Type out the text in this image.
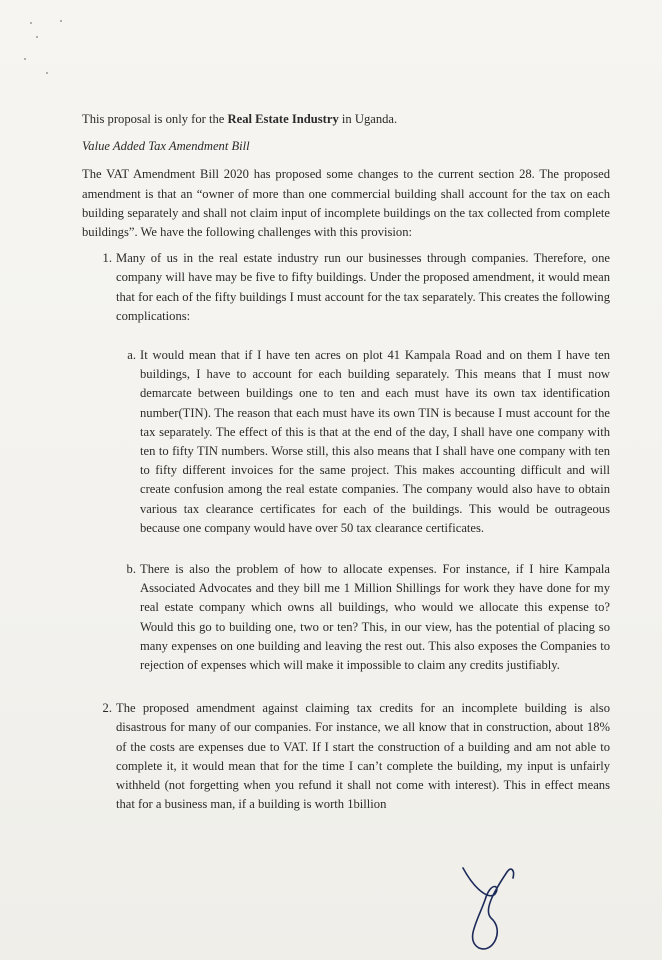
This proposal is only for the Real Estate Industry in Uganda.

Value Added Tax Amendment Bill

The VAT Amendment Bill 2020 has proposed some changes to the current section 28. The proposed amendment is that an “owner of more than one commercial building shall account for the tax on each building separately and shall not claim input of incomplete buildings on the tax collected from complete buildings”. We have the following challenges with this provision:

1. Many of us in the real estate industry run our businesses through companies. Therefore, one company will have may be five to fifty buildings. Under the proposed amendment, it would mean that for each of the fifty buildings I must account for the tax separately. This creates the following complications:
a. It would mean that if I have ten acres on plot 41 Kampala Road and on them I have ten buildings, I have to account for each building separately. This means that I must now demarcate between buildings one to ten and each must have its own tax identification number(TIN). The reason that each must have its own TIN is because I must account for the tax separately. The effect of this is that at the end of the day, I shall have one company with ten to fifty TIN numbers. Worse still, this also means that I shall have one company with ten to fifty different invoices for the same project. This makes accounting difficult and will create confusion among the real estate companies. The company would also have to obtain various tax clearance certificates for each of the buildings. This would be outrageous because one company would have over 50 tax clearance certificates.
b. There is also the problem of how to allocate expenses. For instance, if I hire Kampala Associated Advocates and they bill me 1 Million Shillings for work they have done for my real estate company which owns all buildings, who would we allocate this expense to? Would this go to building one, two or ten? This, in our view, has the potential of placing so many expenses on one building and leaving the rest out. This also exposes the Companies to rejection of expenses which will make it impossible to claim any credits justifiably.
2. The proposed amendment against claiming tax credits for an incomplete building is also disastrous for many of our companies. For instance, we all know that in construction, about 18% of the costs are expenses due to VAT. If I start the construction of a building and am not able to complete it, it would mean that for the time I can’t complete the building, my input is unfairly withheld (not forgetting when you refund it shall not come with interest). This in effect means that for a business man, if a building is worth 1billion
